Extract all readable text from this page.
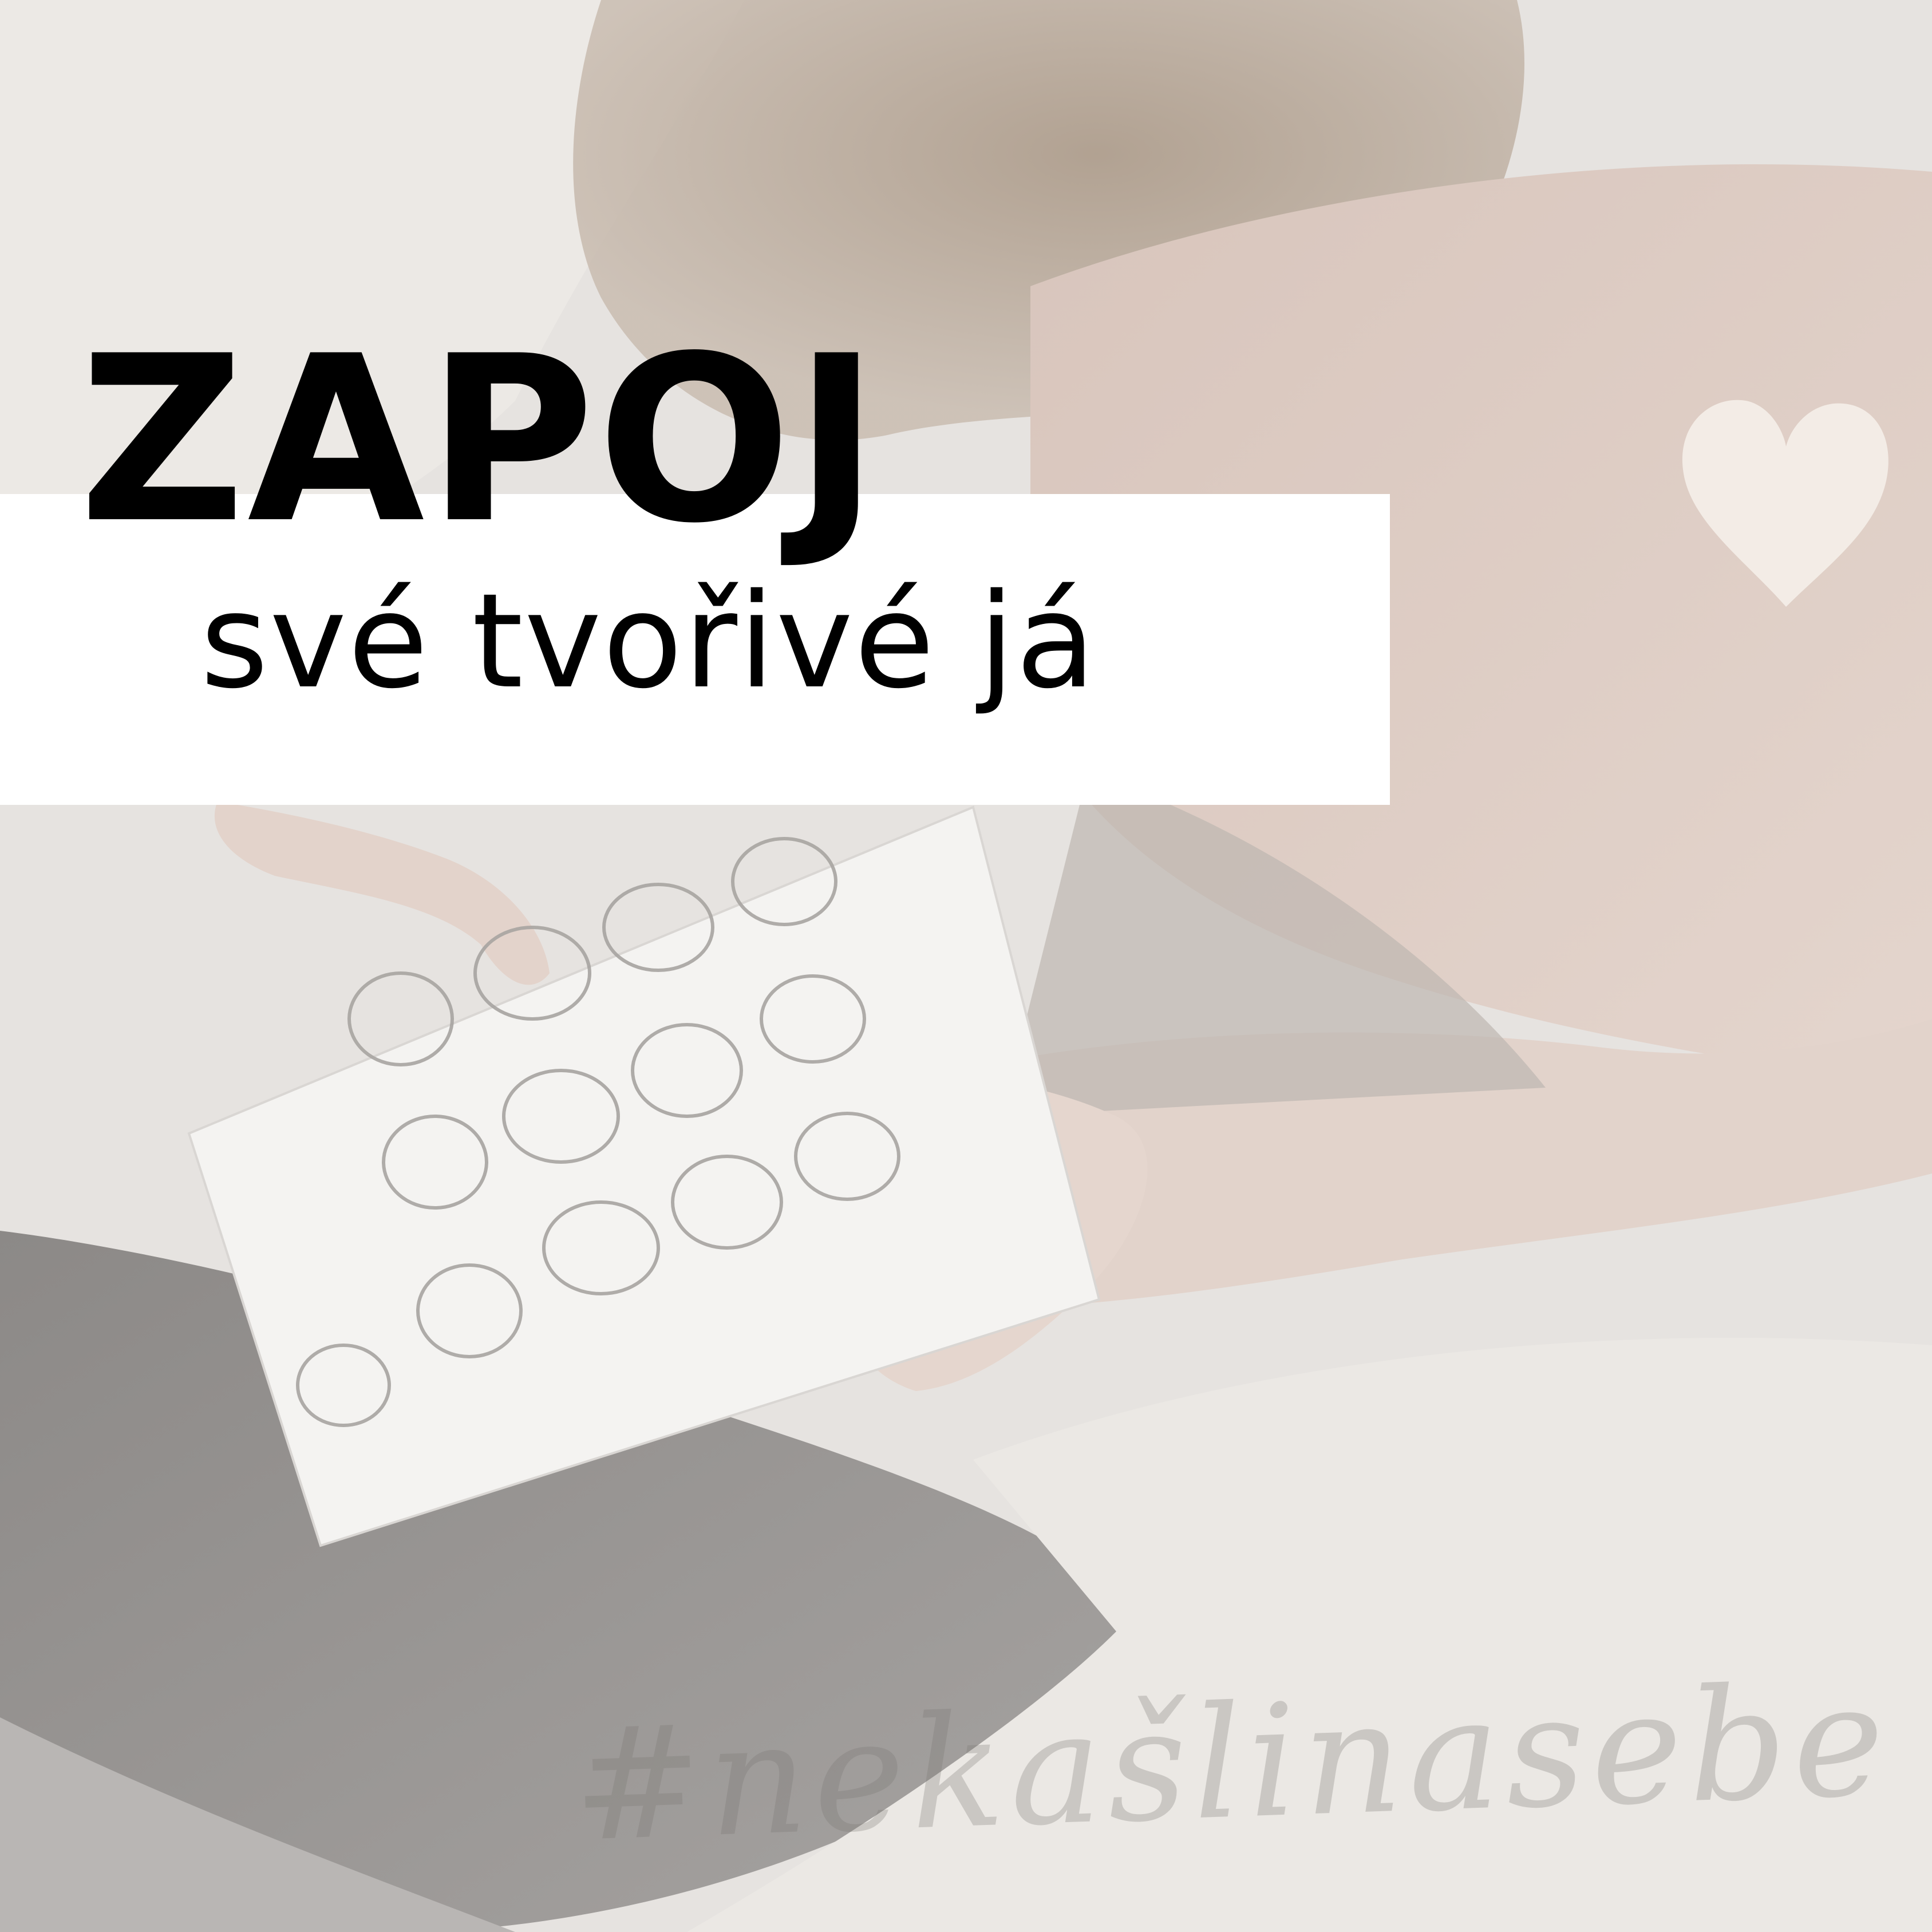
ZAPOJ
své tvořivé já
#nekašlinasebe
